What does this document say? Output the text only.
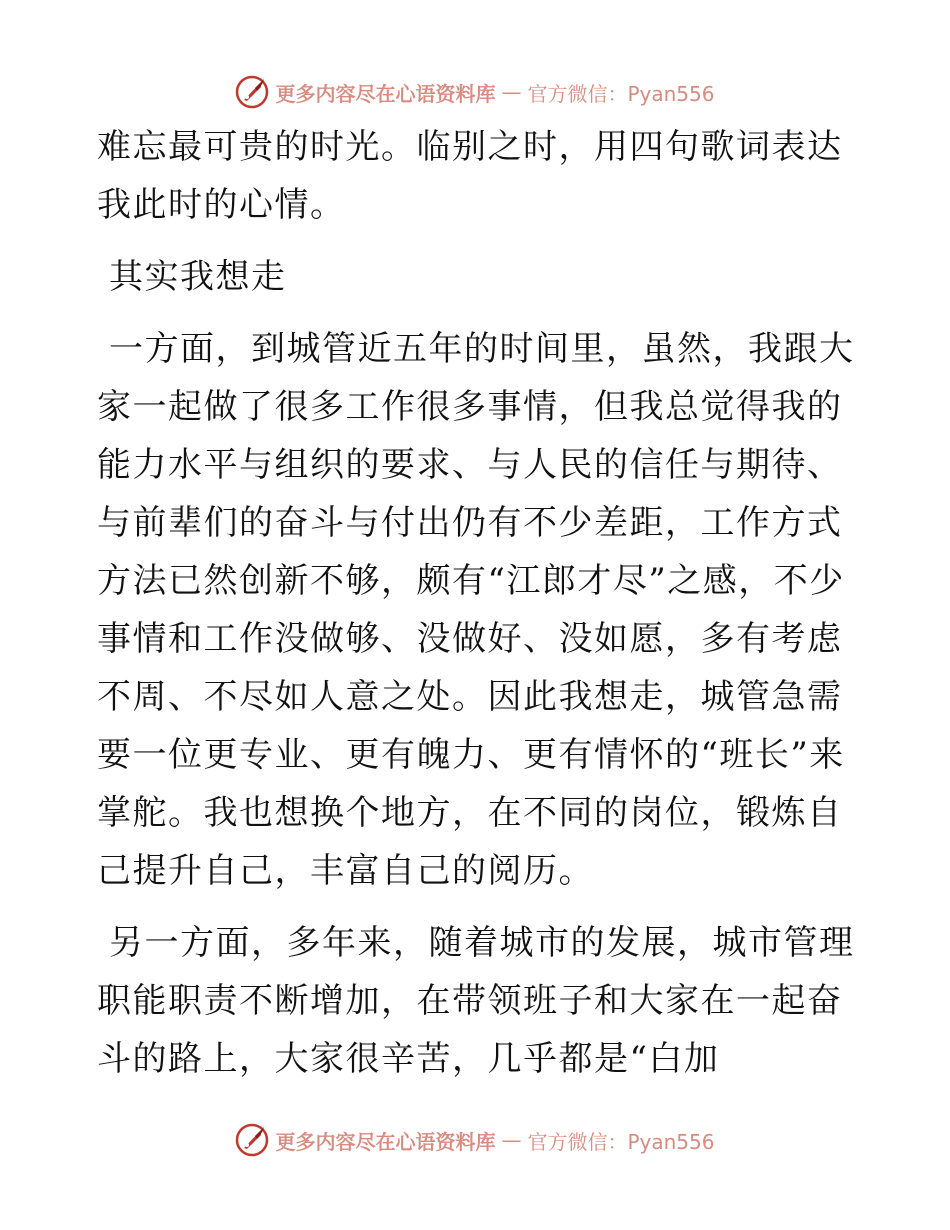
更多内容尽在心语资料库 — 官方微信：Pyan556

难忘最可贵的时光。临别之时，用四句歌词表达我此时的心情。

其实我想走

一方面，到城管近五年的时间里，虽然，我跟大家一起做了很多工作很多事情，但我总觉得我的能力水平与组织的要求、与人民的信任与期待、与前辈们的奋斗与付出仍有不少差距，工作方式方法已然创新不够，颇有“江郎才尽”之感，不少事情和工作没做够、没做好、没如愿，多有考虑不周、不尽如人意之处。因此我想走，城管急需要一位更专业、更有魄力、更有情怀的“班长”来掌舵。我也想换个地方，在不同的岗位，锻炼自己提升自己，丰富自己的阅历。

另一方面，多年来，随着城市的发展，城市管理职能职责不断增加，在带领班子和大家在一起奋斗的路上，大家很辛苦，几乎都是“白加

更多内容尽在心语资料库 — 官方微信：Pyan556
